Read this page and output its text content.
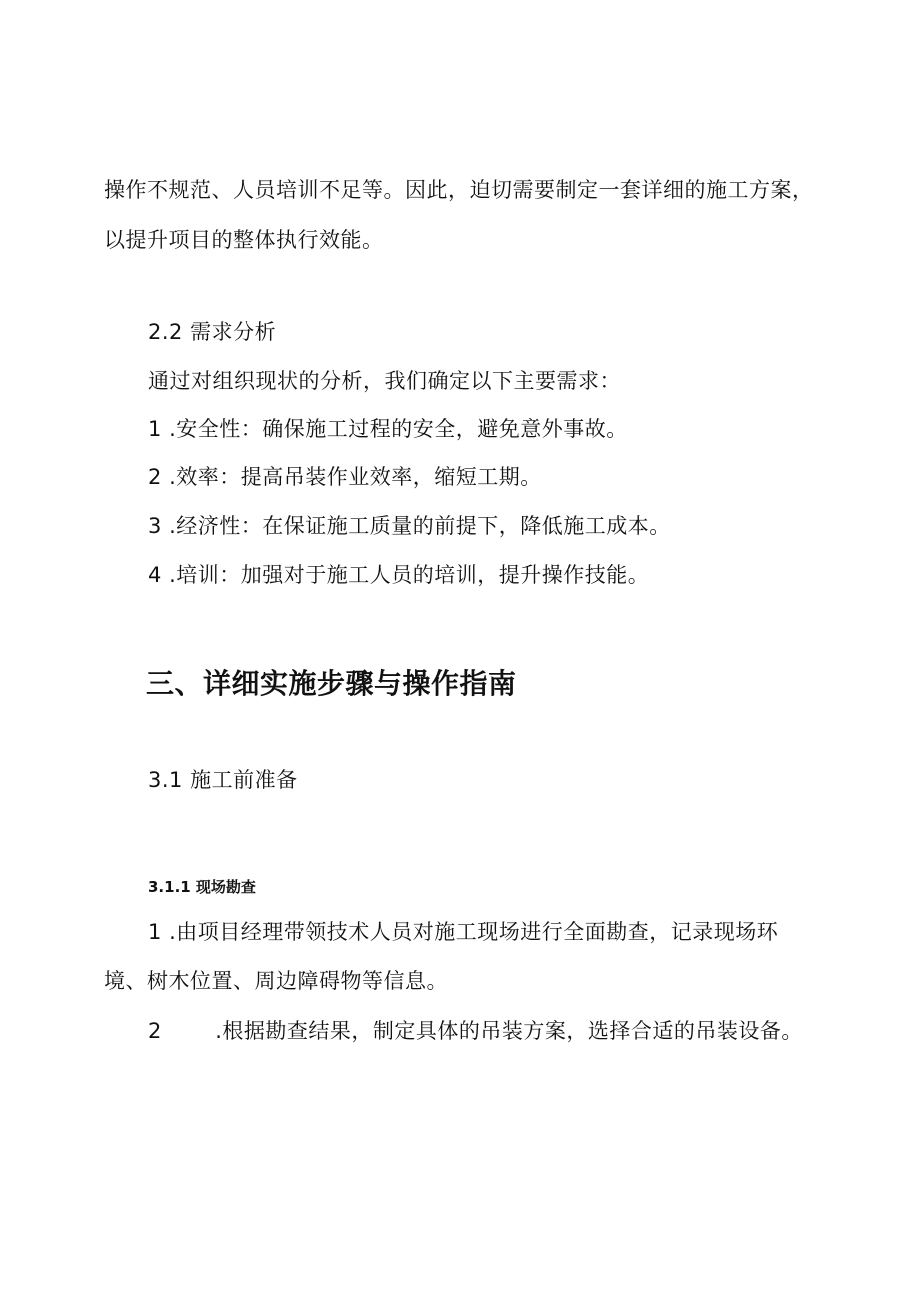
操作不规范、人员培训不足等。因此，迫切需要制定一套详细的施工方案，
以提升项目的整体执行效能。
2.2 需求分析
通过对组织现状的分析，我们确定以下主要需求：
1 .安全性：确保施工过程的安全，避免意外事故。
2 .效率：提高吊装作业效率，缩短工期。
3 .经济性：在保证施工质量的前提下，降低施工成本。
4 .培训：加强对于施工人员的培训，提升操作技能。
三、详细实施步骤与操作指南
3.1 施工前准备
3.1.1 现场勘查
1 .由项目经理带领技术人员对施工现场进行全面勘查，记录现场环
境、树木位置、周边障碍物等信息。
2	.根据勘查结果，制定具体的吊装方案，选择合适的吊装设备。
